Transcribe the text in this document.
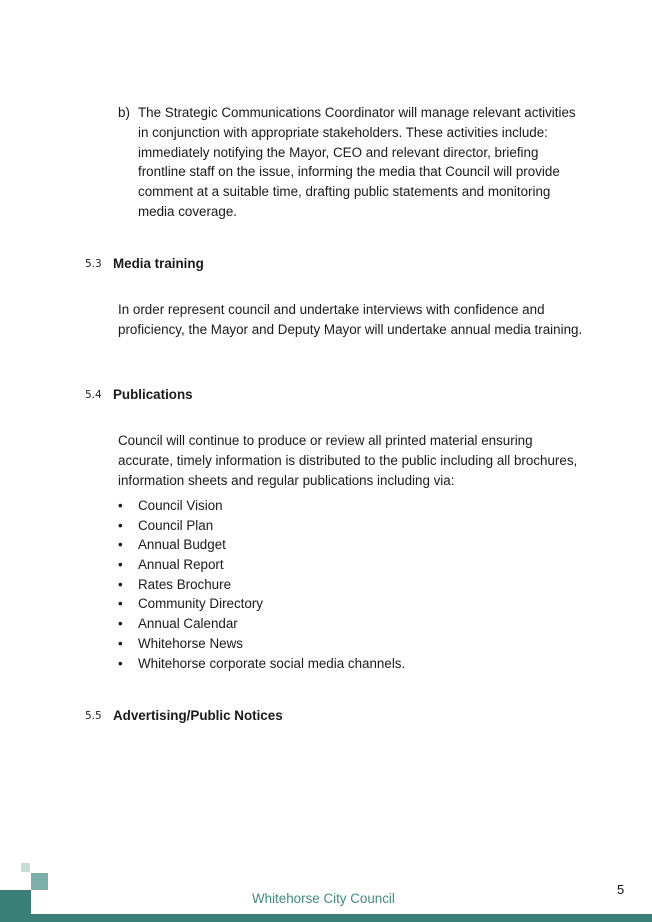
b) The Strategic Communications Coordinator will manage relevant activities in conjunction with appropriate stakeholders. These activities include: immediately notifying the Mayor, CEO and relevant director, briefing frontline staff on the issue, informing the media that Council will provide comment at a suitable time, drafting public statements and monitoring media coverage.
5.3 Media training
In order represent council and undertake interviews with confidence and proficiency, the Mayor and Deputy Mayor will undertake annual media training.
5.4 Publications
Council will continue to produce or review all printed material ensuring accurate, timely information is distributed to the public including all brochures, information sheets and regular publications including via:
• Council Vision
• Council Plan
• Annual Budget
• Annual Report
• Rates Brochure
• Community Directory
• Annual Calendar
• Whitehorse News
• Whitehorse corporate social media channels.
5.5 Advertising/Public Notices
Whitehorse City Council
5
